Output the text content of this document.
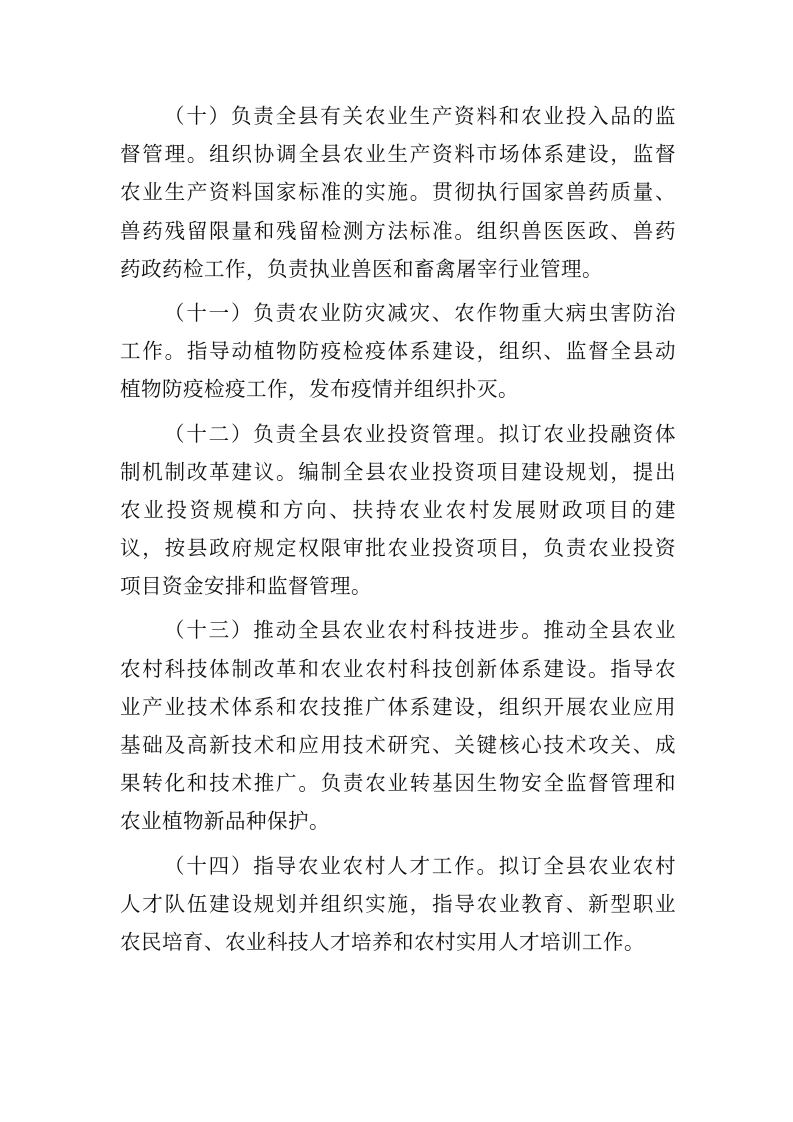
（十）负责全县有关农业生产资料和农业投入品的监
督管理。组织协调全县农业生产资料市场体系建设，监督
农业生产资料国家标准的实施。贯彻执行国家兽药质量、
兽药残留限量和残留检测方法标准。组织兽医医政、兽药
药政药检工作，负责执业兽医和畜禽屠宰行业管理。
（十一）负责农业防灾减灾、农作物重大病虫害防治
工作。指导动植物防疫检疫体系建设，组织、监督全县动
植物防疫检疫工作，发布疫情并组织扑灭。
（十二）负责全县农业投资管理。拟订农业投融资体
制机制改革建议。编制全县农业投资项目建设规划，提出
农业投资规模和方向、扶持农业农村发展财政项目的建
议，按县政府规定权限审批农业投资项目，负责农业投资
项目资金安排和监督管理。
（十三）推动全县农业农村科技进步。推动全县农业
农村科技体制改革和农业农村科技创新体系建设。指导农
业产业技术体系和农技推广体系建设，组织开展农业应用
基础及高新技术和应用技术研究、关键核心技术攻关、成
果转化和技术推广。负责农业转基因生物安全监督管理和
农业植物新品种保护。
（十四）指导农业农村人才工作。拟订全县农业农村
人才队伍建设规划并组织实施，指导农业教育、新型职业
农民培育、农业科技人才培养和农村实用人才培训工作。
